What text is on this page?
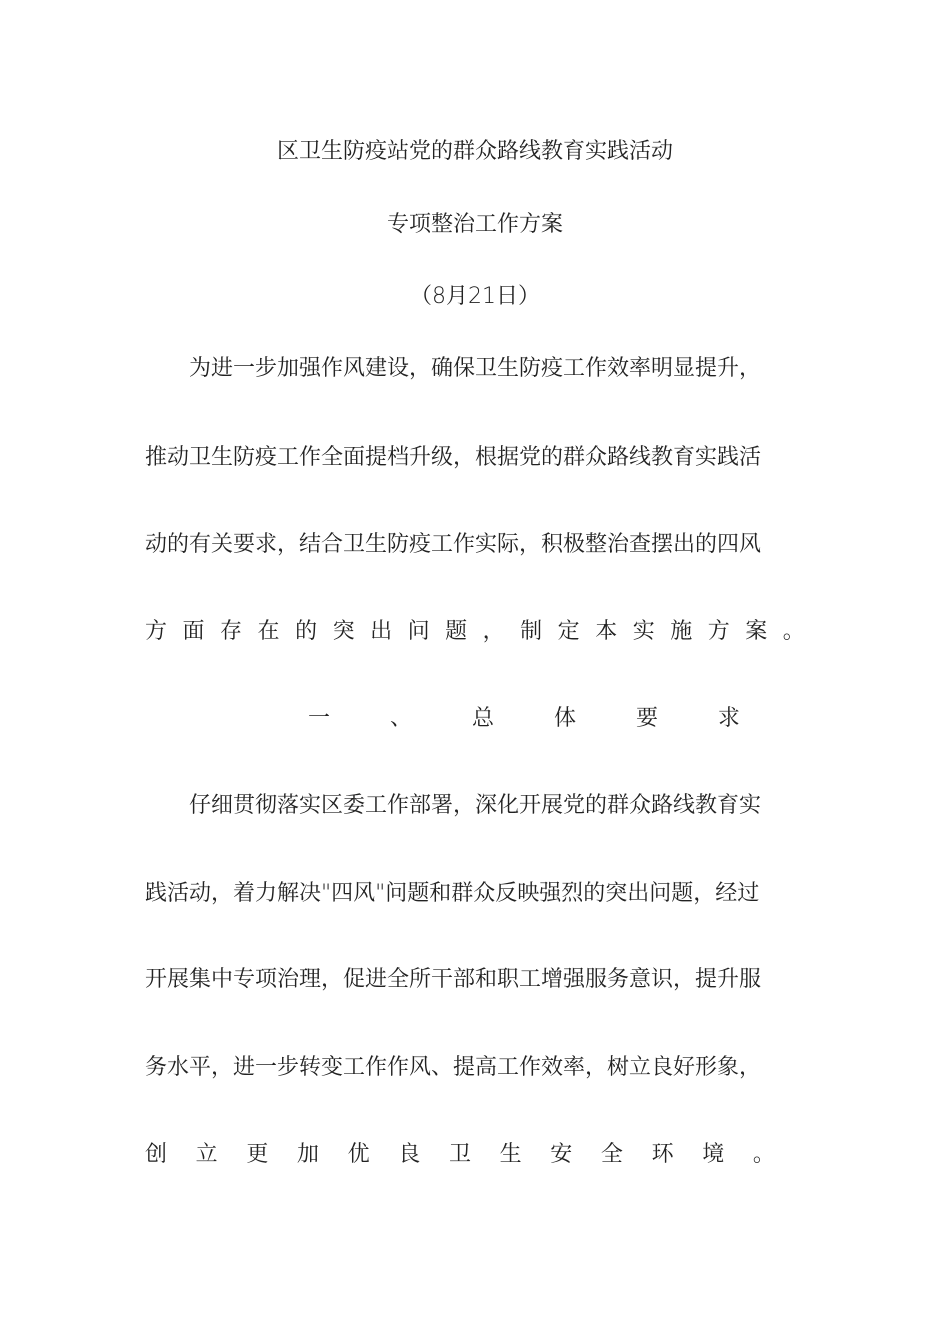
区卫生防疫站党的群众路线教育实践活动
专项整治工作方案
（8月21日）
为进一步加强作风建设，确保卫生防疫工作效率明显提升，
推动卫生防疫工作全面提档升级，根据党的群众路线教育实践活
动的有关要求，结合卫生防疫工作实际，积极整治查摆出的四风
方 面 存 在 的 突 出 问 题 ， 制 定 本 实 施 方 案 。
一	、	总	体	要	求
仔细贯彻落实区委工作部署，深化开展党的群众路线教育实
践活动，着力解决"四风"问题和群众反映强烈的突出问题，经过
开展集中专项治理，促进全所干部和职工增强服务意识，提升服
务水平，进一步转变工作作风、提高工作效率，树立良好形象，
创 立 更 加 优 良 卫 生 安 全 环 境 。
